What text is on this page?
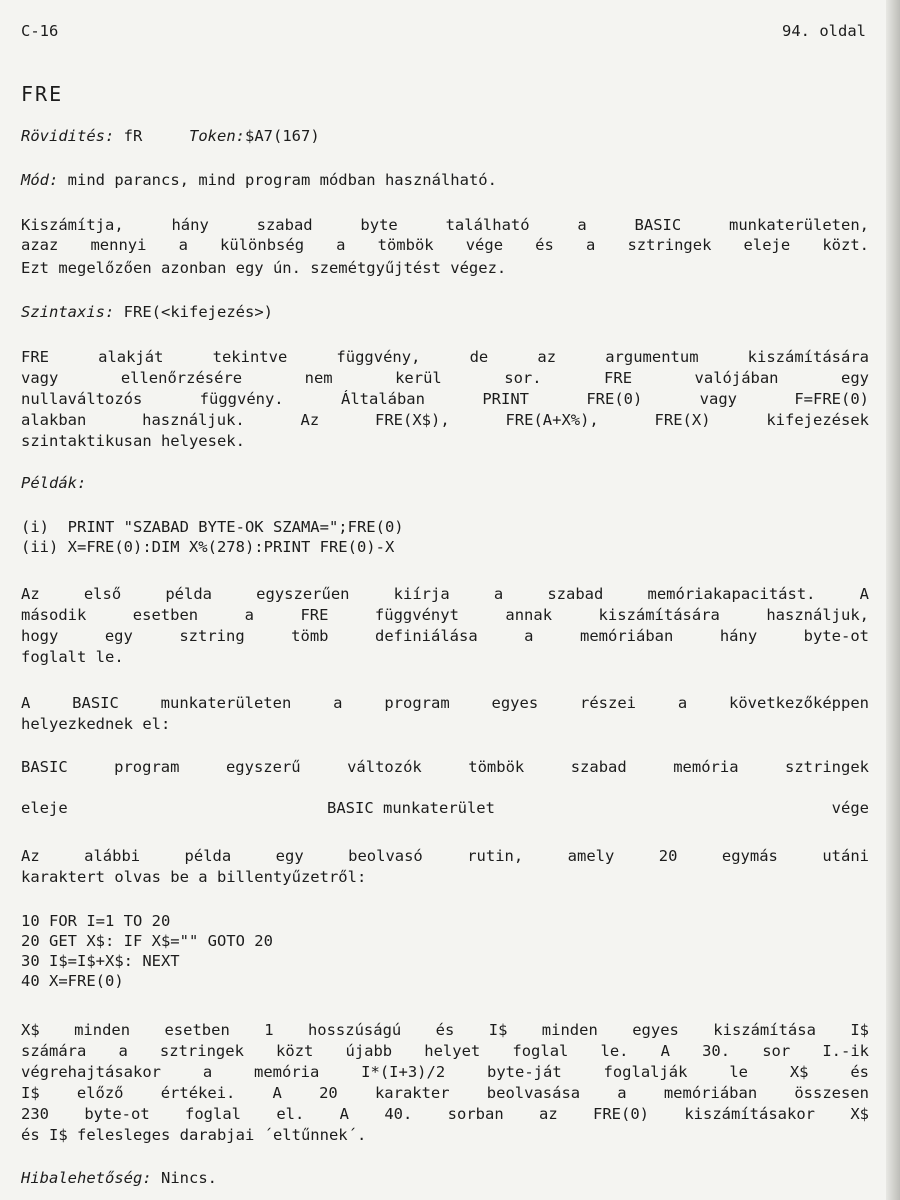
C-16	94. oldal
FRE
Rövidités: fR	Token:$A7(167)
Mód: mind parancs, mind program módban használható.
Kiszámítja, hány szabad byte található a BASIC munkaterületen,
azaz mennyi a különbség a tömbök vége és a sztringek eleje közt.
Ezt megelőzően azonban egy ún. szemétgyűjtést végez.
Szintaxis: FRE(<kifejezés>)
FRE alakját tekintve függvény, de az argumentum kiszámítására
vagy ellenőrzésére nem kerül sor. FRE valójában egy
nullaváltozós függvény. Általában PRINT FRE(0) vagy F=FRE(0)
alakban használjuk. Az FRE(X$), FRE(A+X%), FRE(X) kifejezések
szintaktikusan helyesek.
Példák:
(i)  PRINT "SZABAD BYTE-OK SZAMA=";FRE(0)
(ii) X=FRE(0):DIM X%(278):PRINT FRE(0)-X
Az első példa egyszerűen kiírja a szabad memóriakapacitást. A
második esetben a FRE függvényt annak kiszámítására használjuk,
hogy egy sztring tömb definiálása a memóriában hány byte-ot
foglalt le.
A BASIC munkaterületen a program egyes részei a következőképpen
helyezkednek el:
BASIC program egyszerű változók tömbök szabad memória sztringek
eleje	BASIC munkaterület	vége
Az alábbi példa egy beolvasó rutin, amely 20 egymás utáni
karaktert olvas be a billentyűzetről:
10 FOR I=1 TO 20
20 GET X$: IF X$="" GOTO 20
30 I$=I$+X$: NEXT
40 X=FRE(0)
X$ minden esetben 1 hosszúságú és I$ minden egyes kiszámítása I$
számára a sztringek közt újabb helyet foglal le. A 30. sor I.-ik
végrehajtásakor a memória I*(I+3)/2 byte-ját foglalják le X$ és
I$ előző értékei. A 20 karakter beolvasása a memóriában összesen
230 byte-ot foglal el. A 40. sorban az FRE(0) kiszámításakor X$
és I$ felesleges darabjai ´eltűnnek´.
Hibalehetőség: Nincs.
